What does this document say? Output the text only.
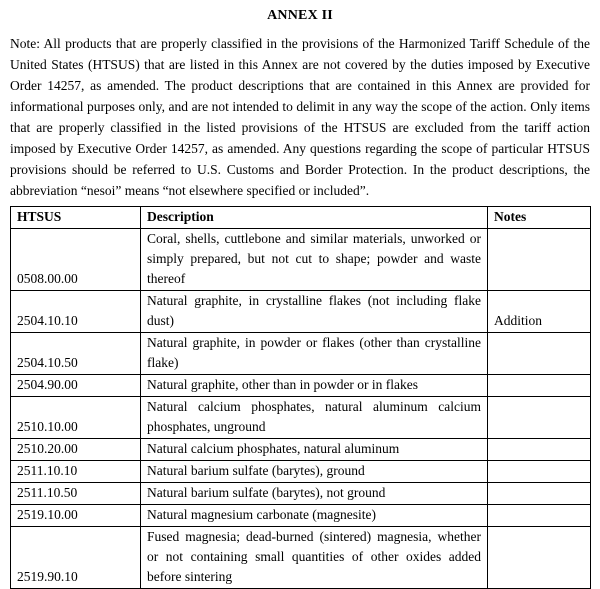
ANNEX II

Note: All products that are properly classified in the provisions of the Harmonized Tariff Schedule of the United States (HTSUS) that are listed in this Annex are not covered by the duties imposed by Executive Order 14257, as amended. The product descriptions that are contained in this Annex are provided for informational purposes only, and are not intended to delimit in any way the scope of the action. Only items that are properly classified in the listed provisions of the HTSUS are excluded from the tariff action imposed by Executive Order 14257, as amended. Any questions regarding the scope of particular HTSUS provisions should be referred to U.S. Customs and Border Protection. In the product descriptions, the abbreviation “nesoi” means “not elsewhere specified or included”.

HTSUS	Description	Notes
0508.00.00	Coral, shells, cuttlebone and similar materials, unworked or simply prepared, but not cut to shape; powder and waste thereof	
2504.10.10	Natural graphite, in crystalline flakes (not including flake dust)	Addition
2504.10.50	Natural graphite, in powder or flakes (other than crystalline flake)	
2504.90.00	Natural graphite, other than in powder or in flakes	
2510.10.00	Natural calcium phosphates, natural aluminum calcium phosphates, unground	
2510.20.00	Natural calcium phosphates, natural aluminum	
2511.10.10	Natural barium sulfate (barytes), ground	
2511.10.50	Natural barium sulfate (barytes), not ground	
2519.10.00	Natural magnesium carbonate (magnesite)	
2519.90.10	Fused magnesia; dead-burned (sintered) magnesia, whether or not containing small quantities of other oxides added before sintering	
